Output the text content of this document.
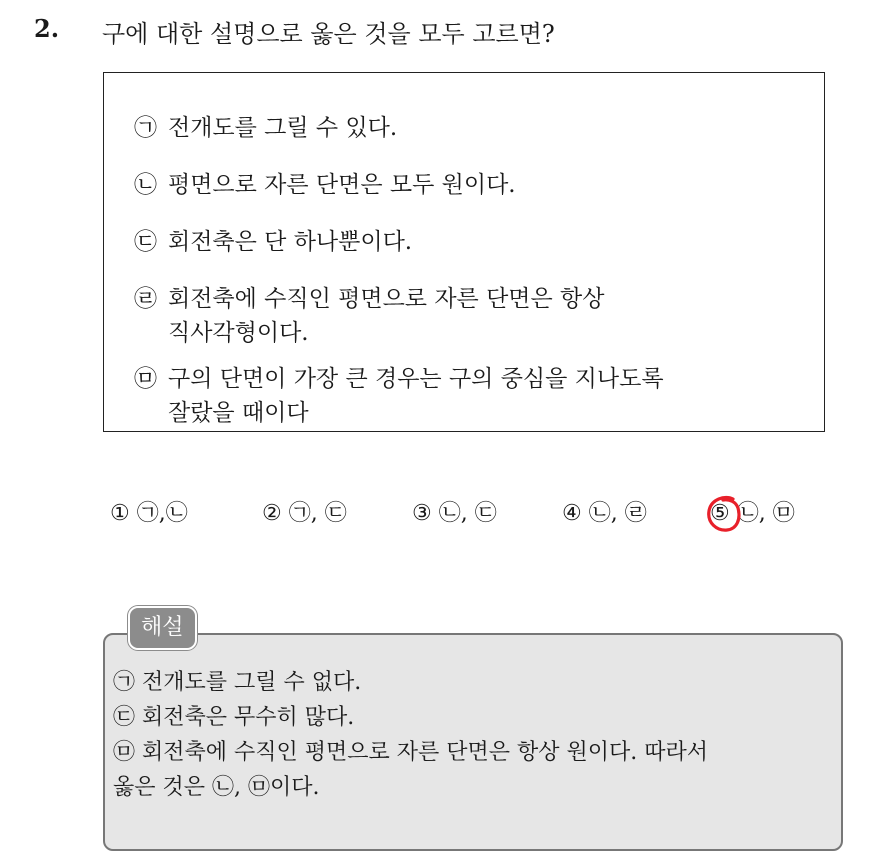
2. 구에 대한 설명으로 옳은 것을 모두 고르면?
㉠ 전개도를 그릴 수 있다.
㉡ 평면으로 자른 단면은 모두 원이다.
㉢ 회전축은 단 하나뿐이다.
㉣ 회전축에 수직인 평면으로 자른 단면은 항상
직사각형이다.
㉤ 구의 단면이 가장 큰 경우는 구의 중심을 지나도록
잘랐을 때이다
① ㉠,㉡	② ㉠, ㉢	③ ㉡, ㉢	④ ㉡, ㉣	⑤ ㉡, ㉤
㉠ 전개도를 그릴 수 없다.
㉢ 회전축은 무수히 많다.
㉤ 회전축에 수직인 평면으로 자른 단면은 항상 원이다. 따라서
옳은 것은 ㉡, ㉤이다.
해설
